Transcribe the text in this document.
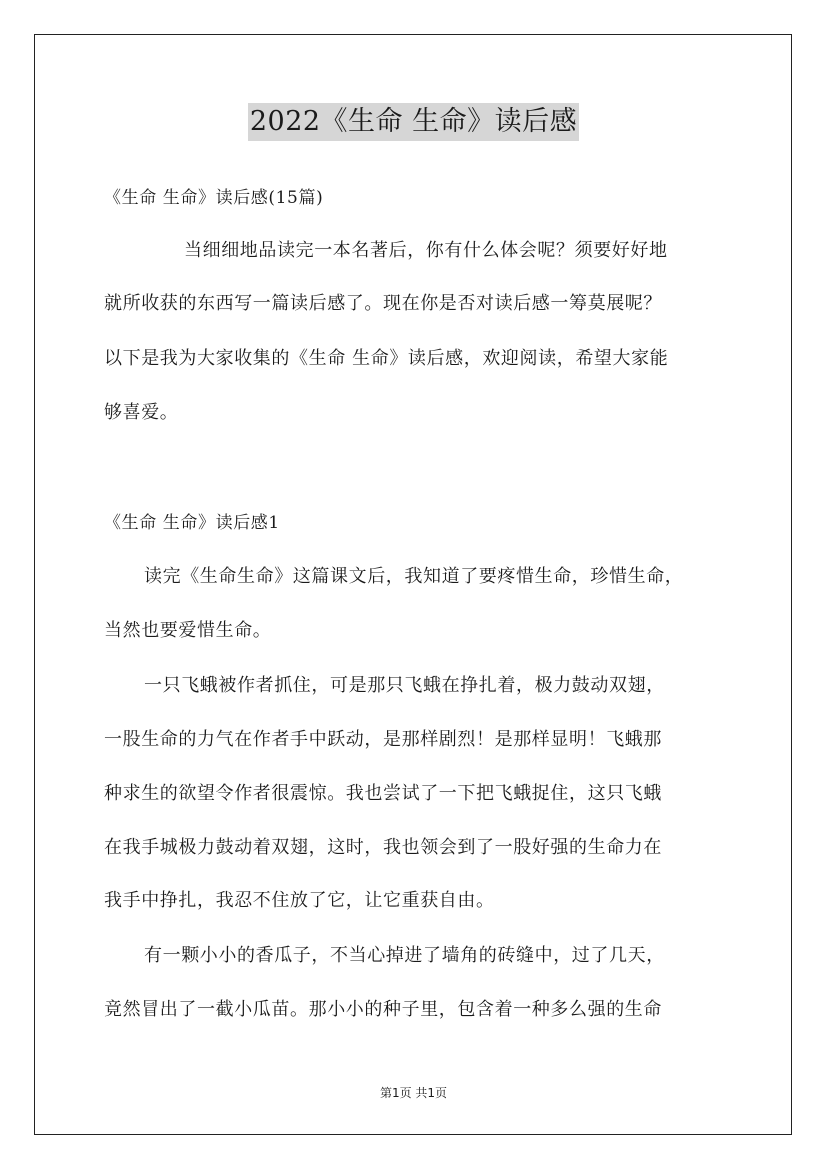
2022《生命 生命》读后感
《生命 生命》读后感(15篇)
当细细地品读完一本名著后，你有什么体会呢？须要好好地
就所收获的东西写一篇读后感了。现在你是否对读后感一筹莫展呢？
以下是我为大家收集的《生命 生命》读后感，欢迎阅读，希望大家能
够喜爱。
《生命 生命》读后感1
读完《生命生命》这篇课文后，我知道了要疼惜生命，珍惜生命，
当然也要爱惜生命。
一只飞蛾被作者抓住，可是那只飞蛾在挣扎着，极力鼓动双翅，
一股生命的力气在作者手中跃动，是那样剧烈！是那样显明！飞蛾那
种求生的欲望令作者很震惊。我也尝试了一下把飞蛾捉住，这只飞蛾
在我手城极力鼓动着双翅，这时，我也领会到了一股好强的生命力在
我手中挣扎，我忍不住放了它，让它重获自由。
有一颗小小的香瓜子，不当心掉进了墙角的砖缝中，过了几天，
竟然冒出了一截小瓜苗。那小小的种子里，包含着一种多么强的生命
第1页 共1页
